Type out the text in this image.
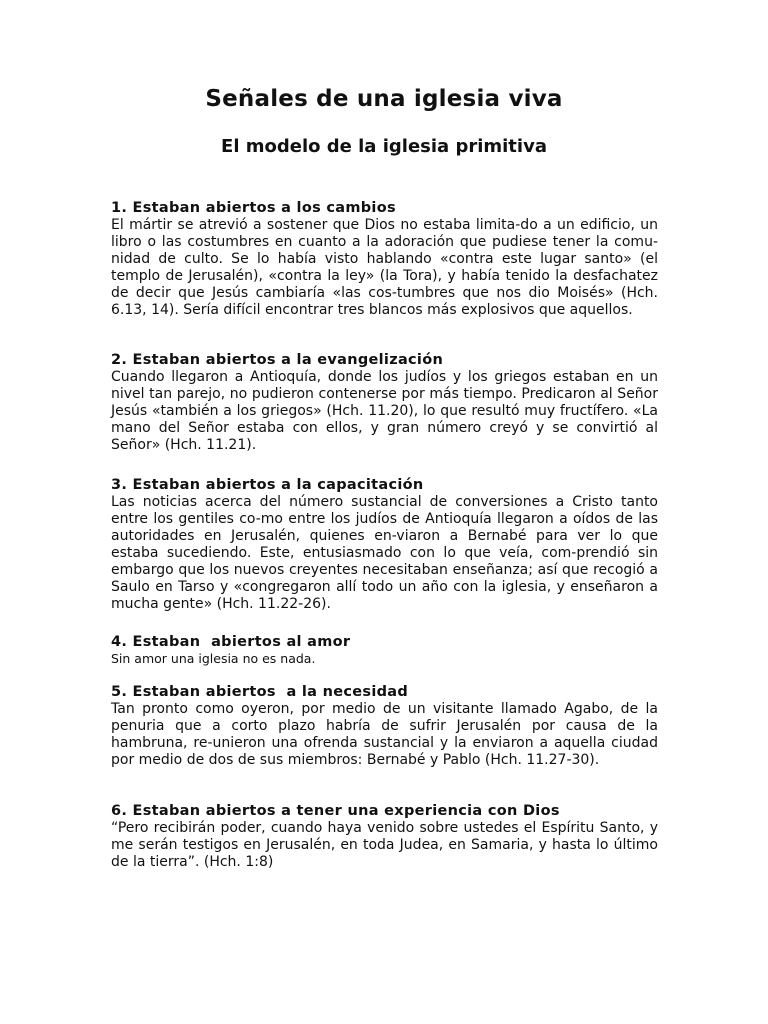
Señales de una iglesia viva
El modelo de la iglesia primitiva
1. Estaban abiertos a los cambios

El mártir se atrevió a sostener que Dios no estaba limita-do a un edificio, un libro o las costumbres en cuanto a la adoración que pudiese tener la comu-nidad de culto. Se lo había visto hablando «contra este lugar santo» (el templo de Jerusalén), «contra la ley» (la Tora), y había tenido la desfachatez de decir que Jesús cambiaría «las cos-tumbres que nos dio Moisés» (Hch. 6.13, 14). Sería difícil encontrar tres blancos más explosivos que aquellos.

2. Estaban abiertos a la evangelización

Cuando llegaron a Antioquía, donde los judíos y los griegos estaban en un nivel tan parejo, no pudieron contenerse por más tiempo. Predicaron al Señor Jesús «también a los griegos» (Hch. 11.20), lo que resultó muy fructífero. «La mano del Señor estaba con ellos, y gran número creyó y se convirtió al Señor» (Hch. 11.21).

3. Estaban abiertos a la capacitación

Las noticias acerca del número sustancial de conversiones a Cristo tanto entre los gentiles co-mo entre los judíos de Antioquía llegaron a oídos de las autoridades en Jerusalén, quienes en-viaron a Bernabé para ver lo que estaba sucediendo. Este, entusiasmado con lo que veía, com-prendió sin embargo que los nuevos creyentes necesitaban enseñanza; así que recogió a Saulo en Tarso y «congregaron allí todo un año con la iglesia, y enseñaron a mucha gente» (Hch. 11.22-26).

4. Estaban  abiertos al amor

Sin amor una iglesia no es nada.

5. Estaban abiertos  a la necesidad

Tan pronto como oyeron, por medio de un visitante llamado Agabo, de la penuria que a corto plazo habría de sufrir Jerusalén por causa de la hambruna, re-unieron una ofrenda sustancial y la enviaron a aquella ciudad por medio de dos de sus miembros: Bernabé y Pablo (Hch. 11.27-30).

6. Estaban abiertos a tener una experiencia con Dios

“Pero recibirán poder, cuando haya venido sobre ustedes el Espíritu Santo, y me serán testigos en Jerusalén, en toda Judea, en Samaria, y hasta lo último de la tierra”. (Hch. 1:8)
